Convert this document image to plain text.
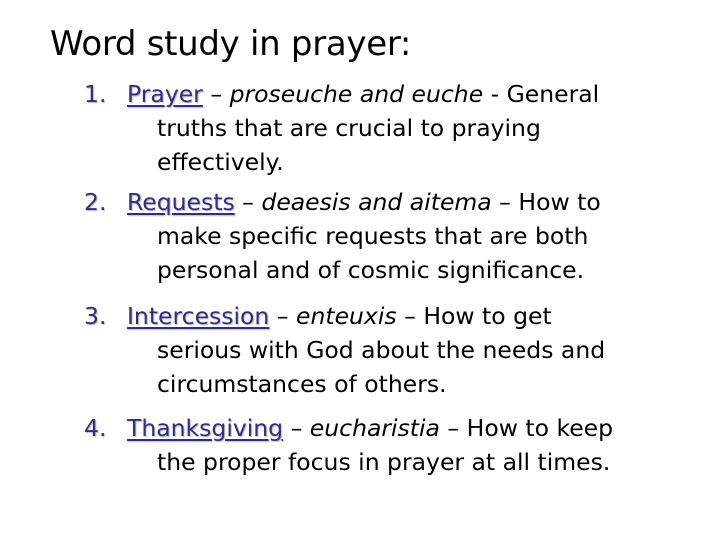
Word study in prayer:
1. Prayer – proseuche and euche - General
truths that are crucial to praying
effectively.
2. Requests – deaesis and aitema – How to
make specific requests that are both
personal and of cosmic significance.
3. Intercession – enteuxis – How to get
serious with God about the needs and
circumstances of others.
4. Thanksgiving – eucharistia – How to keep
the proper focus in prayer at all times.
